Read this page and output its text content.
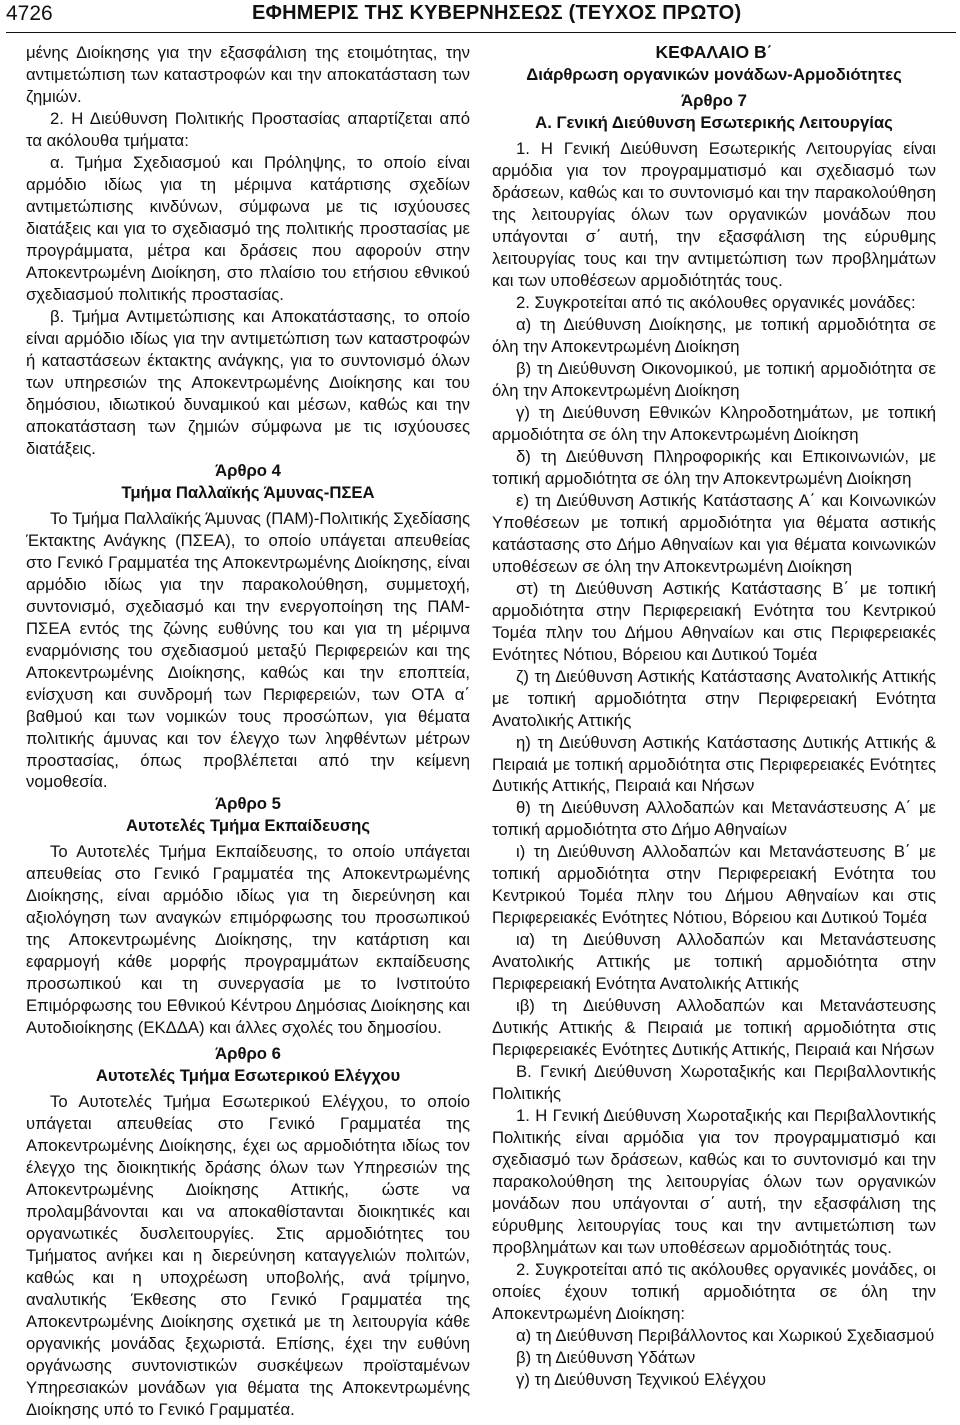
4726	ΕΦΗΜΕΡΙΣ ΤΗΣ ΚΥΒΕΡΝΗΣΕΩΣ (ΤΕΥΧΟΣ ΠΡΩΤΟ)

μένης Διοίκησης για την εξασφάλιση της ετοιμότητας, την αντιμετώπιση των καταστροφών και την αποκατάσταση των ζημιών.

2. Η Διεύθυνση Πολιτικής Προστασίας απαρτίζεται από τα ακόλουθα τμήματα:

α. Τμήμα Σχεδιασμού και Πρόληψης, το οποίο είναι αρμόδιο ιδίως για τη μέριμνα κατάρτισης σχεδίων αντιμετώπισης κινδύνων, σύμφωνα με τις ισχύουσες διατάξεις και για το σχεδιασμό της πολιτικής προστασίας με προγράμματα, μέτρα και δράσεις που αφορούν στην Αποκεντρωμένη Διοίκηση, στο πλαίσιο του ετήσιου εθνικού σχεδιασμού πολιτικής προστασίας.

β. Τμήμα Αντιμετώπισης και Αποκατάστασης, το οποίο είναι αρμόδιο ιδίως για την αντιμετώπιση των καταστροφών ή καταστάσεων έκτακτης ανάγκης, για το συντονισμό όλων των υπηρεσιών της Αποκεντρωμένης Διοίκησης και του δημόσιου, ιδιωτικού δυναμικού και μέσων, καθώς και την αποκατάσταση των ζημιών σύμφωνα με τις ισχύουσες διατάξεις.

Άρθρο 4
Τμήμα Παλλαϊκής Άμυνας-ΠΣΕΑ

Το Τμήμα Παλλαϊκής Άμυνας (ΠΑΜ)-Πολιτικής Σχεδίασης Έκτακτης Ανάγκης (ΠΣΕΑ), το οποίο υπάγεται απευθείας στο Γενικό Γραμματέα της Αποκεντρωμένης Διοίκησης, είναι αρμόδιο ιδίως για την παρακολούθηση, συμμετοχή, συντονισμό, σχεδιασμό και την ενεργοποίηση της ΠΑΜ-ΠΣΕΑ εντός της ζώνης ευθύνης του και για τη μέριμνα εναρμόνισης του σχεδιασμού μεταξύ Περιφερειών και της Αποκεντρωμένης Διοίκησης, καθώς και την εποπτεία, ενίσχυση και συνδρομή των Περιφερειών, των ΟΤΑ α΄ βαθμού και των νομικών τους προσώπων, για θέματα πολιτικής άμυνας και τον έλεγχο των ληφθέντων μέτρων προστασίας, όπως προβλέπεται από την κείμενη νομοθεσία.

Άρθρο 5
Αυτοτελές Τμήμα Εκπαίδευσης

Το Αυτοτελές Τμήμα Εκπαίδευσης, το οποίο υπάγεται απευθείας στο Γενικό Γραμματέα της Αποκεντρωμένης Διοίκησης, είναι αρμόδιο ιδίως για τη διερεύνηση και αξιολόγηση των αναγκών επιμόρφωσης του προσωπικού της Αποκεντρωμένης Διοίκησης, την κατάρτιση και εφαρμογή κάθε μορφής προγραμμάτων εκπαίδευσης προσωπικού και τη συνεργασία με το Ινστιτούτο Επιμόρφωσης του Εθνικού Κέντρου Δημόσιας Διοίκησης και Αυτοδιοίκησης (ΕΚΔΔΑ) και άλλες σχολές του δημοσίου.

Άρθρο 6
Αυτοτελές Τμήμα Εσωτερικού Ελέγχου

Το Αυτοτελές Τμήμα Εσωτερικού Ελέγχου, το οποίο υπάγεται απευθείας στο Γενικό Γραμματέα της Αποκεντρωμένης Διοίκησης, έχει ως αρμοδιότητα ιδίως τον έλεγχο της διοικητικής δράσης όλων των Υπηρεσιών της Αποκεντρωμένης Διοίκησης Αττικής, ώστε να προλαμβάνονται και να αποκαθίστανται διοικητικές και οργανωτικές δυσλειτουργίες. Στις αρμοδιότητες του Τμήματος ανήκει και η διερεύνηση καταγγελιών πολιτών, καθώς και η υποχρέωση υποβολής, ανά τρίμηνο, αναλυτικής Έκθεσης στο Γενικό Γραμματέα της Αποκεντρωμένης Διοίκησης σχετικά με τη λειτουργία κάθε οργανικής μονάδας ξεχωριστά. Επίσης, έχει την ευθύνη οργάνωσης συντονιστικών συσκέψεων προϊσταμένων Υπηρεσιακών μονάδων για θέματα της Αποκεντρωμένης Διοίκησης υπό το Γενικό Γραμματέα.

ΚΕΦΑΛΑΙΟ Β΄
Διάρθρωση οργανικών μονάδων-Αρμοδιότητες
Άρθρο 7
Α. Γενική Διεύθυνση Εσωτερικής Λειτουργίας

1. Η Γενική Διεύθυνση Εσωτερικής Λειτουργίας είναι αρμόδια για τον προγραμματισμό και σχεδιασμό των δράσεων, καθώς και το συντονισμό και την παρακολούθηση της λειτουργίας όλων των οργανικών μονάδων που υπάγονται σ΄ αυτή, την εξασφάλιση της εύρυθμης λειτουργίας τους και την αντιμετώπιση των προβλημάτων και των υποθέσεων αρμοδιότητάς τους.

2. Συγκροτείται από τις ακόλουθες οργανικές μονάδες:

α) τη Διεύθυνση Διοίκησης, με τοπική αρμοδιότητα σε όλη την Αποκεντρωμένη Διοίκηση

β) τη Διεύθυνση Οικονομικού, με τοπική αρμοδιότητα σε όλη την Αποκεντρωμένη Διοίκηση

γ) τη Διεύθυνση Εθνικών Κληροδοτημάτων, με τοπική αρμοδιότητα σε όλη την Αποκεντρωμένη Διοίκηση

δ) τη Διεύθυνση Πληροφορικής και Επικοινωνιών, με τοπική αρμοδιότητα σε όλη την Αποκεντρωμένη Διοίκηση

ε) τη Διεύθυνση Αστικής Κατάστασης Α΄ και Κοινωνικών Υποθέσεων με τοπική αρμοδιότητα για θέματα αστικής κατάστασης στο Δήμο Αθηναίων και για θέματα κοινωνικών υποθέσεων σε όλη την Αποκεντρωμένη Διοίκηση

στ) τη Διεύθυνση Αστικής Κατάστασης Β΄ με τοπική αρμοδιότητα στην Περιφερειακή Ενότητα του Κεντρικού Τομέα πλην του Δήμου Αθηναίων και στις Περιφερειακές Ενότητες Νότιου, Βόρειου και Δυτικού Τομέα

ζ) τη Διεύθυνση Αστικής Κατάστασης Ανατολικής Αττικής με τοπική αρμοδιότητα στην Περιφερειακή Ενότητα Ανατολικής Αττικής

η) τη Διεύθυνση Αστικής Κατάστασης Δυτικής Αττικής & Πειραιά με τοπική αρμοδιότητα στις Περιφερειακές Ενότητες Δυτικής Αττικής, Πειραιά και Νήσων

θ) τη Διεύθυνση Αλλοδαπών και Μετανάστευσης Α΄ με τοπική αρμοδιότητα στο Δήμο Αθηναίων

ι) τη Διεύθυνση Αλλοδαπών και Μετανάστευσης Β΄ με τοπική αρμοδιότητα στην Περιφερειακή Ενότητα του Κεντρικού Τομέα πλην του Δήμου Αθηναίων και στις Περιφερειακές Ενότητες Νότιου, Βόρειου και Δυτικού Τομέα

ια) τη Διεύθυνση Αλλοδαπών και Μετανάστευσης Ανατολικής Αττικής με τοπική αρμοδιότητα στην Περιφερειακή Ενότητα Ανατολικής Αττικής

ιβ) τη Διεύθυνση Αλλοδαπών και Μετανάστευσης Δυτικής Αττικής & Πειραιά με τοπική αρμοδιότητα στις Περιφερειακές Ενότητες Δυτικής Αττικής, Πειραιά και Νήσων

Β. Γενική Διεύθυνση Χωροταξικής και Περιβαλλοντικής Πολιτικής

1. Η Γενική Διεύθυνση Χωροταξικής και Περιβαλλοντικής Πολιτικής είναι αρμόδια για τον προγραμματισμό και σχεδιασμό των δράσεων, καθώς και το συντονισμό και την παρακολούθηση της λειτουργίας όλων των οργανικών μονάδων που υπάγονται σ΄ αυτή, την εξασφάλιση της εύρυθμης λειτουργίας τους και την αντιμετώπιση των προβλημάτων και των υποθέσεων αρμοδιότητάς τους.

2. Συγκροτείται από τις ακόλουθες οργανικές μονάδες, οι οποίες έχουν τοπική αρμοδιότητα σε όλη την Αποκεντρωμένη Διοίκηση:

α) τη Διεύθυνση Περιβάλλοντος και Χωρικού Σχεδιασμού

β) τη Διεύθυνση Υδάτων

γ) τη Διεύθυνση Τεχνικού Ελέγχου
